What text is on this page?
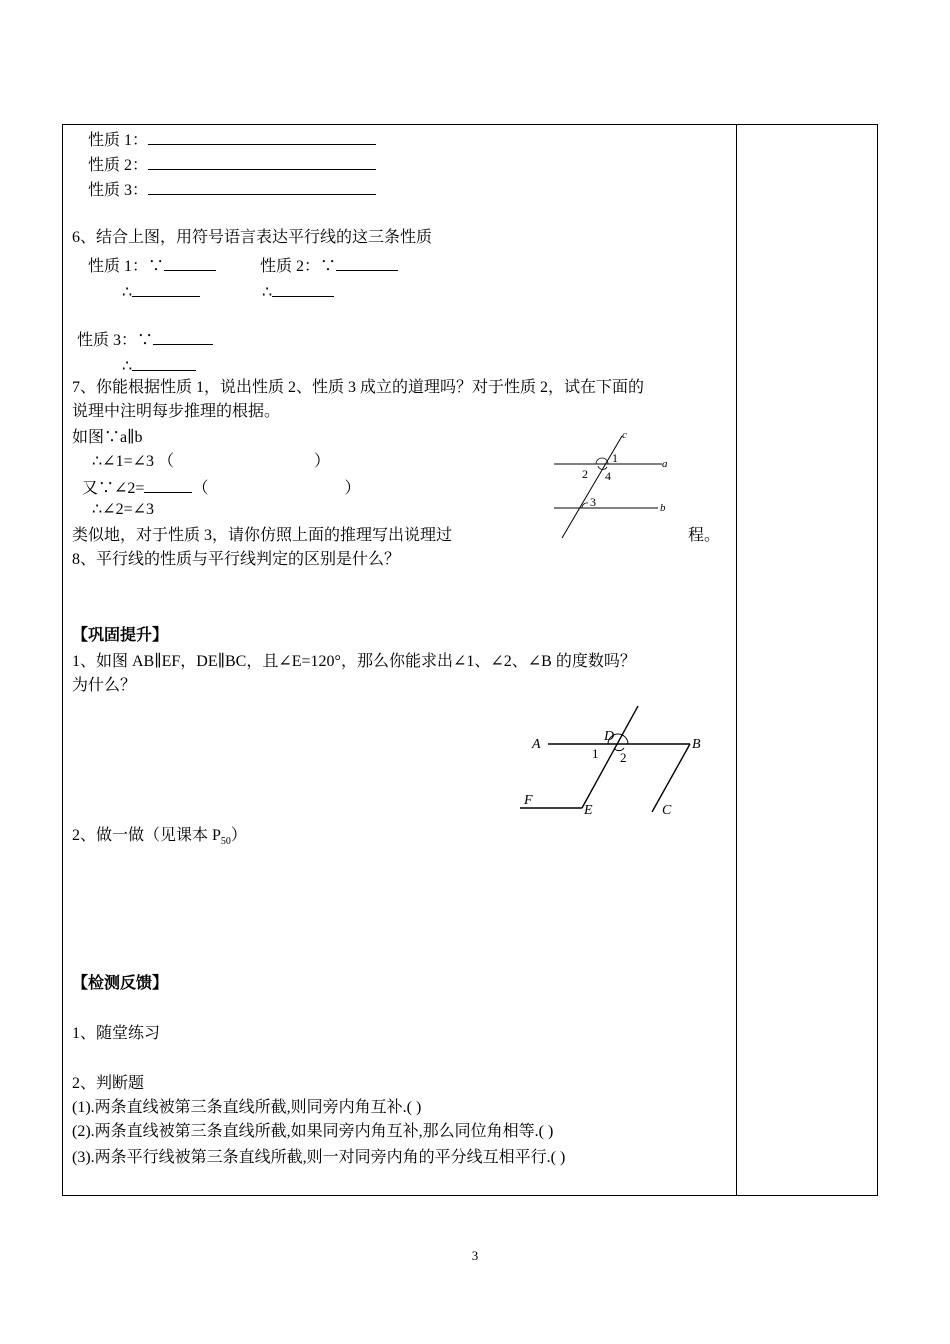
性质 1：
性质 2：
性质 3：
6、结合上图，用符号语言表达平行线的这三条性质
性质 1：∵	性质 2：∵
∴	∴
性质 3：∵
∴
7、你能根据性质 1，说出性质 2、性质 3 成立的道理吗？对于性质 2，试在下面的
说理中注明每步推理的根据。
如图∵a∥b
∴∠1=∠3 （	）
又∵∠2=	（	）
∴∠2=∠3
类似地，对于性质 3，请你仿照上面的推理写出说理过	程。
c
a
b
1
2
3
4
8、平行线的性质与平行线判定的区别是什么？
【巩固提升】
1、如图 AB∥EF，DE∥BC，且∠E=120°，那么你能求出∠1、∠2、∠B 的度数吗？
为什么？
A	B
C
D
E
F
1 2
2、做一做（见课本 $P_{50}$）
【检测反馈】
1、随堂练习
2、判断题
(1).两条直线被第三条直线所截,则同旁内角互补.( )
(2).两条直线被第三条直线所截,如果同旁内角互补,那么同位角相等.( )
(3).两条平行线被第三条直线所截,则一对同旁内角的平分线互相平行.( )
3
